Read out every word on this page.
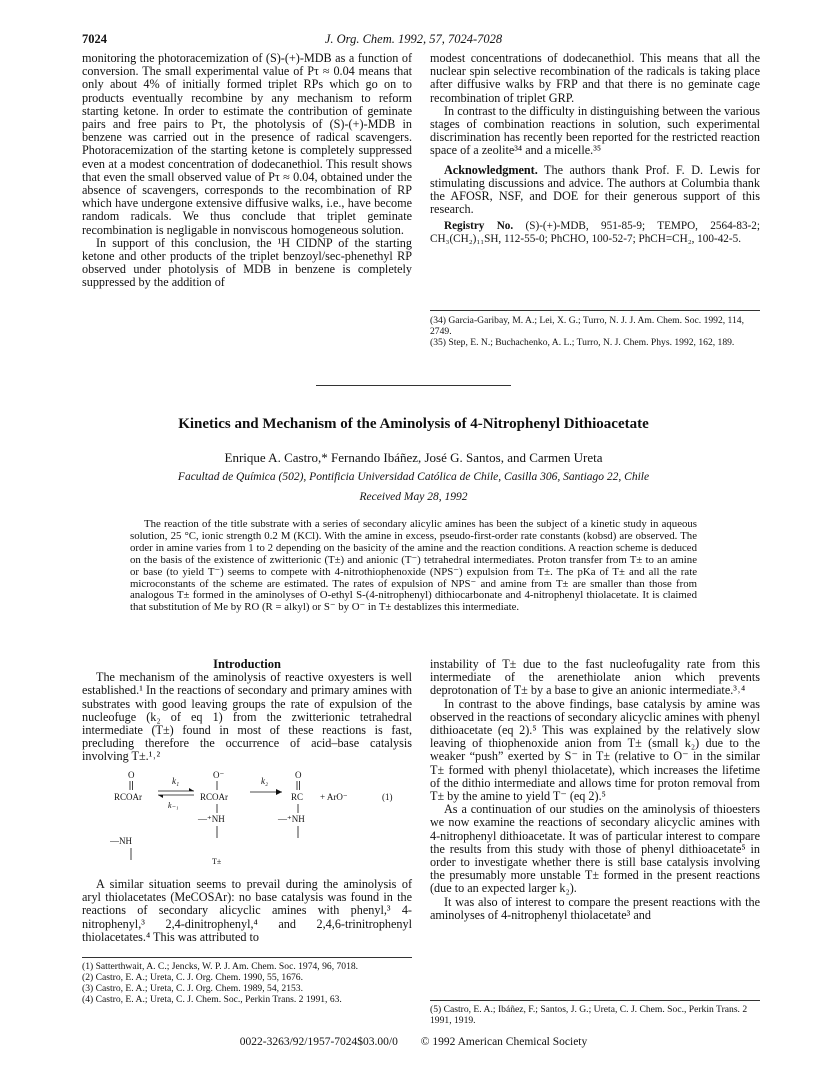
7024	J. Org. Chem. 1992, 57, 7024-7028

monitoring the photoracemization of (S)-(+)-MDB as a function of conversion. The small experimental value of Pτ ≈ 0.04 means that only about 4% of initially formed triplet RPs which go on to products eventually recombine by any mechanism to reform starting ketone. In order to estimate the contribution of geminate pairs and free pairs to Pτ, the photolysis of (S)-(+)-MDB in benzene was carried out in the presence of radical scavengers. Photoracemization of the starting ketone is completely suppressed even at a modest concentration of dodecanethiol. This result shows that even the small observed value of Pτ ≈ 0.04, obtained under the absence of scavengers, corresponds to the recombination of RP which have undergone extensive diffusive walks, i.e., have become random radicals. We thus conclude that triplet geminate recombination is negligable in nonviscous homogeneous solution.

In support of this conclusion, the ¹H CIDNP of the starting ketone and other products of the triplet benzoyl/sec-phenethyl RP observed under photolysis of MDB in benzene is completely suppressed by the addition of

modest concentrations of dodecanethiol. This means that all the nuclear spin selective recombination of the radicals is taking place after diffusive walks by FRP and that there is no geminate cage recombination of triplet GRP.

In contrast to the difficulty in distinguishing between the various stages of combination reactions in solution, such experimental discrimination has recently been reported for the restricted reaction space of a zeolite³⁴ and a micelle.³⁵

Acknowledgment. The authors thank Prof. F. D. Lewis for stimulating discussions and advice. The authors at Columbia thank the AFOSR, NSF, and DOE for their generous support of this research.

Registry No. (S)-(+)-MDB, 951-85-9; TEMPO, 2564-83-2; CH₃(CH₂)₁₁SH, 112-55-0; PhCHO, 100-52-7; PhCH=CH₂, 100-42-5.

(34) Garcia-Garibay, M. A.; Lei, X. G.; Turro, N. J. J. Am. Chem. Soc. 1992, 114, 2749.
(35) Step, E. N.; Buchachenko, A. L.; Turro, N. J. Chem. Phys. 1992, 162, 189.
Kinetics and Mechanism of the Aminolysis of 4-Nitrophenyl Dithioacetate
Enrique A. Castro,* Fernando Ibáñez, José G. Santos, and Carmen Ureta
Facultad de Química (502), Pontificia Universidad Católica de Chile, Casilla 306, Santiago 22, Chile
Received May 28, 1992
The reaction of the title substrate with a series of secondary alicylic amines has been the subject of a kinetic study in aqueous solution, 25 °C, ionic strength 0.2 M (KCl). With the amine in excess, pseudo-first-order rate constants (kobsd) are observed. The order in amine varies from 1 to 2 depending on the basicity of the amine and the reaction conditions. A reaction scheme is deduced on the basis of the existence of zwitterionic (T±) and anionic (T⁻) tetrahedral intermediates. Proton transfer from T± to an amine or base (to yield T⁻) seems to compete with 4-nitrothiophenoxide (NPS⁻) expulsion from T±. The pKa of T± and all the rate microconstants of the scheme are estimated. The rates of expulsion of NPS⁻ and amine from T± are smaller than those from analogous T± formed in the aminolyses of O-ethyl S-(4-nitrophenyl) dithiocarbonate and 4-nitrophenyl thiolacetate. It is claimed that substitution of Me by RO (R = alkyl) or S⁻ by O⁻ in T± destablizes this intermediate.
Introduction

The mechanism of the aminolysis of reactive oxyesters is well established.¹ In the reactions of secondary and primary amines with substrates with good leaving groups the rate of expulsion of the nucleofuge (k₂ of eq 1) from the zwitterionic tetrahedral intermediate (T±) found in most of these reactions is fast, precluding therefore the occurrence of acid–base catalysis involving T±.¹˒²

O
RCOAr
—NH
k₁
k₋₁
O⁻
RCOAr
—⁺NH
T±
k₂
O
RC
—⁺NH
+ ArO⁻	(1)

A similar situation seems to prevail during the aminolysis of aryl thiolacetates (MeCOSAr): no base catalysis was found in the reactions of secondary alicyclic amines with phenyl,³ 4-nitrophenyl,³ 2,4-dinitrophenyl,⁴ and 2,4,6-trinitrophenyl thiolacetates.⁴ This was attributed to

(1) Satterthwait, A. C.; Jencks, W. P. J. Am. Chem. Soc. 1974, 96, 7018.
(2) Castro, E. A.; Ureta, C. J. Org. Chem. 1990, 55, 1676.
(3) Castro, E. A.; Ureta, C. J. Org. Chem. 1989, 54, 2153.
(4) Castro, E. A.; Ureta, C. J. Chem. Soc., Perkin Trans. 2 1991, 63.

instability of T± due to the fast nucleofugality rate from this intermediate of the arenethiolate anion which prevents deprotonation of T± by a base to give an anionic intermediate.³˒⁴

In contrast to the above findings, base catalysis by amine was observed in the reactions of secondary alicyclic amines with phenyl dithioacetate (eq 2).⁵ This was explained by the relatively slow leaving of thiophenoxide anion from T± (small k₂) due to the weaker “push” exerted by S⁻ in T± (relative to O⁻ in the similar T± formed with phenyl thiolacetate), which increases the lifetime of the dithio intermediate and allows time for proton removal from T± by the amine to yield T⁻ (eq 2).⁵

As a continuation of our studies on the aminolysis of thioesters we now examine the reactions of secondary alicyclic amines with 4-nitrophenyl dithioacetate. It was of particular interest to compare the results from this study with those of phenyl dithioacetate⁵ in order to investigate whether there is still base catalysis involving the presumably more unstable T± formed in the present reactions (due to an expected larger k₂).

It was also of interest to compare the present reactions with the aminolyses of 4-nitrophenyl thiolacetate³ and

(5) Castro, E. A.; Ibáñez, F.; Santos, J. G.; Ureta, C. J. Chem. Soc., Perkin Trans. 2 1991, 1919.
0022-3263/92/1957-7024$03.00/0 © 1992 American Chemical Society
